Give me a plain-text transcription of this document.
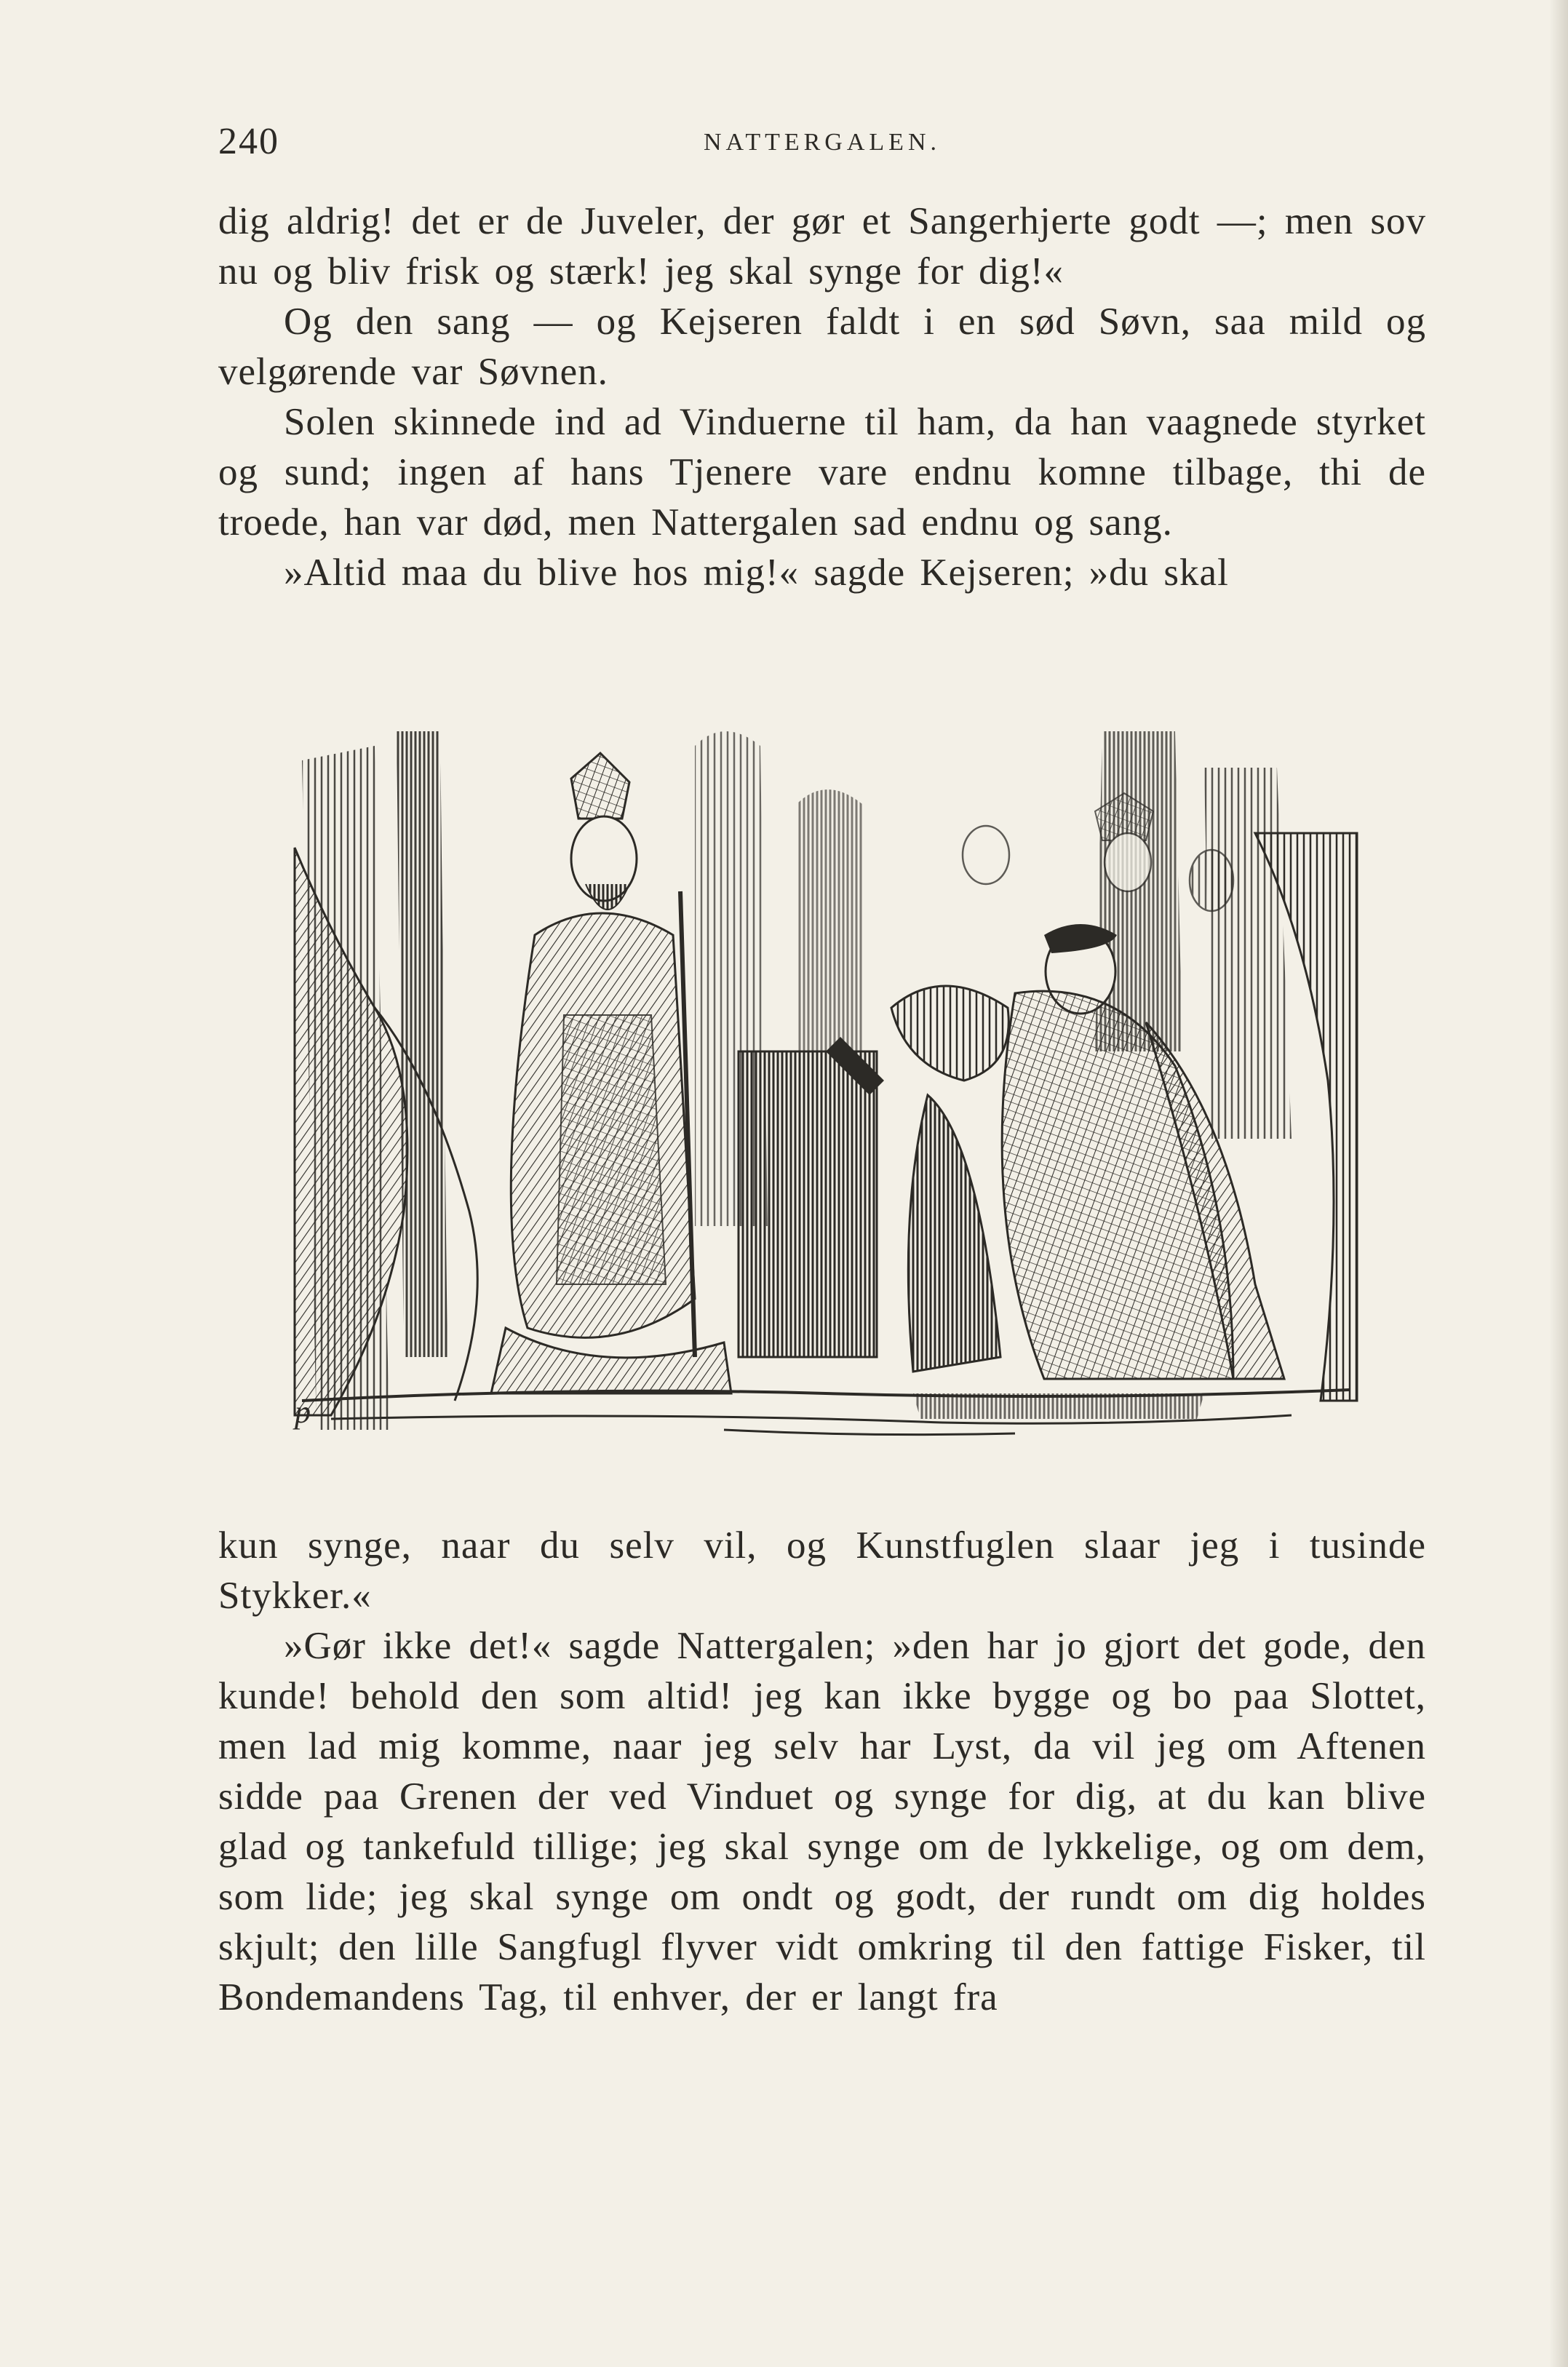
240	NATTERGALEN.

dig aldrig! det er de Juveler, der gør et Sangerhjerte godt —; men sov nu og bliv frisk og stærk! jeg skal synge for dig!«

Og den sang — og Kejseren faldt i en sød Søvn, saa mild og velgørende var Søvnen.

Solen skinnede ind ad Vinduerne til ham, da han vaagnede styrket og sund; ingen af hans Tjenere vare endnu komne tilbage, thi de troede, han var død, men Nattergalen sad endnu og sang.

»Altid maa du blive hos mig!« sagde Kejseren; »du skal

p

kun synge, naar du selv vil, og Kunstfuglen slaar jeg i tusinde Stykker.«

»Gør ikke det!« sagde Nattergalen; »den har jo gjort det gode, den kunde! behold den som altid! jeg kan ikke bygge og bo paa Slottet, men lad mig komme, naar jeg selv har Lyst, da vil jeg om Aftenen sidde paa Grenen der ved Vinduet og synge for dig, at du kan blive glad og tankefuld tillige; jeg skal synge om de lykkelige, og om dem, som lide; jeg skal synge om ondt og godt, der rundt om dig holdes skjult; den lille Sangfugl flyver vidt omkring til den fattige Fisker, til Bondemandens Tag, til enhver, der er langt fra
